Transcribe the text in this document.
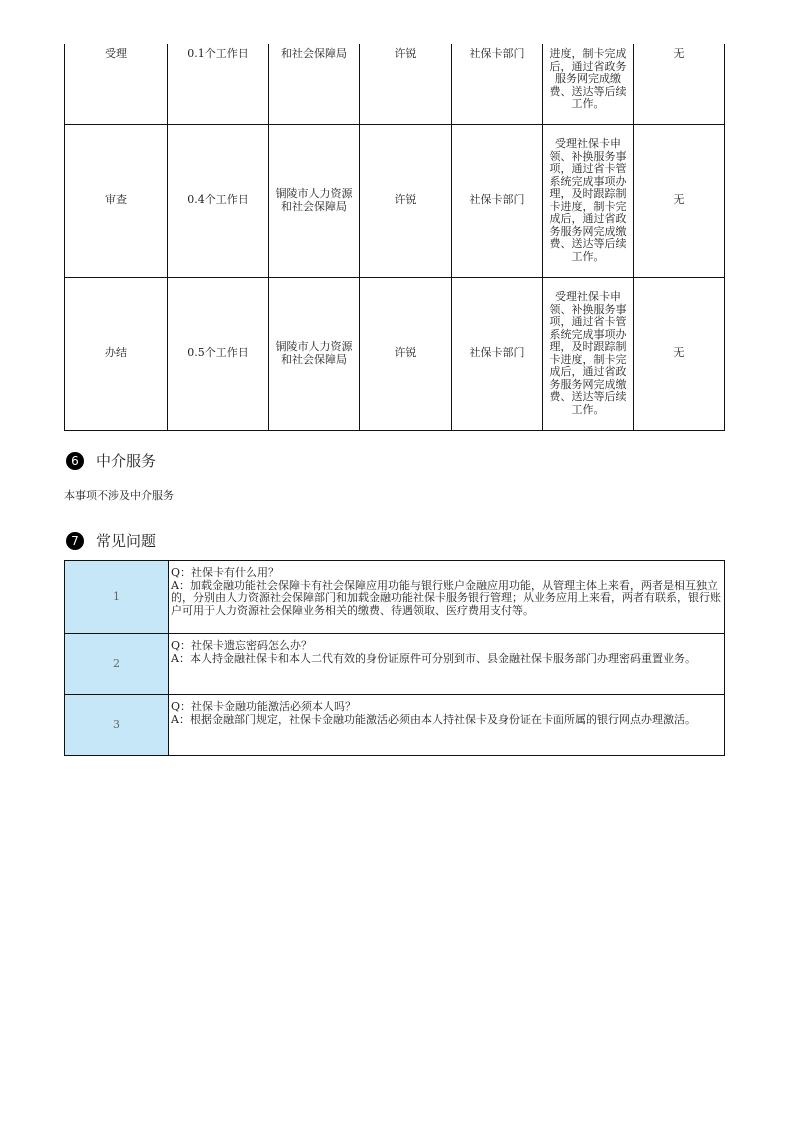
受理	0.1个工作日	和社会保障局	许锐	社保卡部门	进度，制卡完成后，通过省政务服务网完成缴费、送达等后续工作。	无
审查	0.4个工作日	铜陵市人力资源和社会保障局	许锐	社保卡部门	受理社保卡申领、补换服务事项，通过省卡管系统完成事项办理，及时跟踪制卡进度，制卡完成后，通过省政务服务网完成缴费、送达等后续工作。	无
办结	0.5个工作日	铜陵市人力资源和社会保障局	许锐	社保卡部门	受理社保卡申领、补换服务事项，通过省卡管系统完成事项办理，及时跟踪制卡进度，制卡完成后，通过省政务服务网完成缴费、送达等后续工作。	无
6	中介服务
本事项不涉及中介服务
7	常见问题
1	Q：社保卡有什么用？
A：加载金融功能社会保障卡有社会保障应用功能与银行账户金融应用功能，从管理主体上来看，两者是相互独立的，分别由人力资源社会保障部门和加载金融功能社保卡服务银行管理；从业务应用上来看，两者有联系，银行账户可用于人力资源社会保障业务相关的缴费、待遇领取、医疗费用支付等。
2	Q：社保卡遗忘密码怎么办？
A：本人持金融社保卡和本人二代有效的身份证原件可分别到市、县金融社保卡服务部门办理密码重置业务。
3	Q：社保卡金融功能激活必须本人吗？
A：根据金融部门规定，社保卡金融功能激活必须由本人持社保卡及身份证在卡面所属的银行网点办理激活。
